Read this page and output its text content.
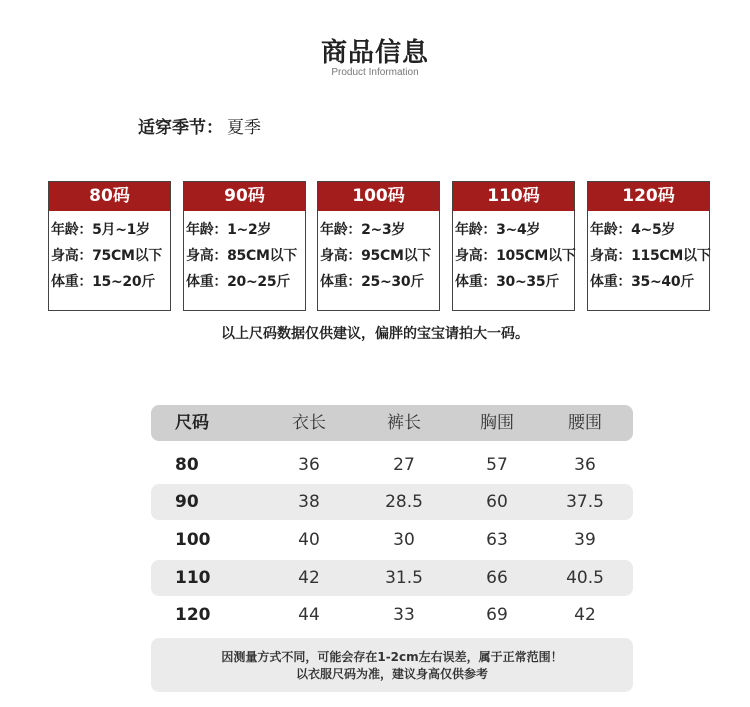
商品信息
Product Information
适穿季节： 夏季
80码
年龄：5月~1岁
身高：75CM以下
体重：15~20斤
90码
年龄：1~2岁
身高：85CM以下
体重：20~25斤
100码
年龄：2~3岁
身高：95CM以下
体重：25~30斤
110码
年龄：3~4岁
身高：105CM以下
体重：30~35斤
120码
年龄：4~5岁
身高：115CM以下
体重：35~40斤
以上尺码数据仅供建议，偏胖的宝宝请拍大一码。
尺码	衣长	裤长	胸围	腰围
80	36	27	57	36
90	38	28.5	60	37.5
100	40	30	63	39
110	42	31.5	66	40.5
120	44	33	69	42
因测量方式不同，可能会存在1-2cm左右误差，属于正常范围！
以衣服尺码为准，建议身高仅供参考
